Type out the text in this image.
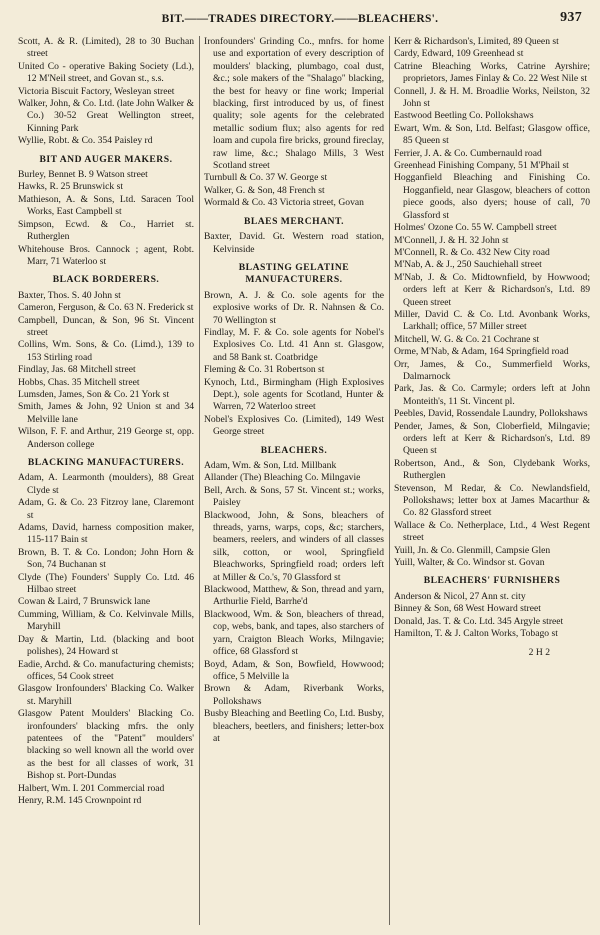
BIT.——TRADES DIRECTORY.——BLEACHERS'.	937

Scott, A. & R. (Limited), 28 to 30 Buchan street

United Co - operative Baking Society (Ld.), 12 M'Neil street, and Govan st., s.s.

Victoria Biscuit Factory, Wesleyan street

Walker, John, & Co. Ltd. (late John Walker & Co.) 30-52 Great Wellington street, Kinning Park

Wyllie, Robt. & Co. 354 Paisley rd

BIT AND AUGER MAKERS.

Burley, Bennet B. 9 Watson street

Hawks, R. 25 Brunswick st

Mathieson, A. & Sons, Ltd. Saracen Tool Works, East Campbell st

Simpson, Ecwd. & Co., Harriet st. Rutherglen

Whitehouse Bros. Cannock ; agent, Robt. Marr, 71 Waterloo st

BLACK BORDERERS.

Baxter, Thos. S. 40 John st

Cameron, Ferguson, & Co. 63 N. Frederick st

Campbell, Duncan, & Son, 96 St. Vincent street

Collins, Wm. Sons, & Co. (Limd.), 139 to 153 Stirling road

Findlay, Jas. 68 Mitchell street

Hobbs, Chas. 35 Mitchell street

Lumsden, James, Son & Co. 21 York st

Smith, James & John, 92 Union st and 34 Melville lane

Wilson, F. F. and Arthur, 219 George st, opp. Anderson college

BLACKING MANUFACTURERS.

Adam, A. Learmonth (moulders), 88 Great Clyde st

Adam, G. & Co. 23 Fitzroy lane, Claremont st

Adams, David, harness composition maker, 115-117 Bain st

Brown, B. T. & Co. London; John Horn & Son, 74 Buchanan st

Clyde (The) Founders' Supply Co. Ltd. 46 Hilbao street

Cowan & Laird, 7 Brunswick lane

Cumming, William, & Co. Kelvinvale Mills, Maryhill

Day & Martin, Ltd. (blacking and boot polishes), 24 Howard st

Eadie, Archd. & Co. manufacturing chemists; offices, 54 Cook street

Glasgow Ironfounders' Blacking Co. Walker st. Maryhill

Glasgow Patent Moulders' Blacking Co. ironfounders' blacking mfrs. the only patentees of the "Patent" moulders' blacking so well known all the world over as the best for all classes of work, 31 Bishop st. Port-Dundas

Halbert, Wm. I. 201 Commercial road

Henry, R.M. 145 Crownpoint rd

Ironfounders' Grinding Co., mnfrs. for home use and exportation of every description of moulders' blacking, plumbago, coal dust, &c.; sole makers of the "Shalago" blacking, the best for heavy or fine work; Imperial blacking, first introduced by us, of finest quality; sole agents for the celebrated metallic sodium flux; also agents for red loam and cupola fire bricks, ground fireclay, raw lime, &c.; Shalago Mills, 3 West Scotland street

Turnbull & Co. 37 W. George st

Walker, G. & Son, 48 French st

Wormald & Co. 43 Victoria street, Govan

BLAES MERCHANT.

Baxter, David. Gt. Western road station, Kelvinside

BLASTING GELATINE MANUFACTURERS.

Brown, A. J. & Co. sole agents for the explosive works of Dr. R. Nahnsen & Co. 70 Wellington st

Findlay, M. F. & Co. sole agents for Nobel's Explosives Co. Ltd. 41 Ann st. Glasgow, and 58 Bank st. Coatbridge

Fleming & Co. 31 Robertson st

Kynoch, Ltd., Birmingham (High Explosives Dept.), sole agents for Scotland, Hunter & Warren, 72 Waterloo street

Nobel's Explosives Co. (Limited), 149 West George street

BLEACHERS.

Adam, Wm. & Son, Ltd. Millbank

Allander (The) Bleaching Co. Milngavie

Bell, Arch. & Sons, 57 St. Vincent st.; works, Paisley

Blackwood, John, & Sons, bleachers of threads, yarns, warps, cops, &c; starchers, beamers, reelers, and winders of all classes silk, cotton, or wool, Springfield Bleachworks, Springfield road; orders left at Miller & Co.'s, 70 Glassford st

Blackwood, Matthew, & Son, thread and yarn, Arthurlie Field, Barrhe'd

Blackwood, Wm. & Son, bleachers of thread, cop, webs, bank, and tapes, also starchers of yarn, Craigton Bleach Works, Milngavie; office, 68 Glassford st

Boyd, Adam, & Son, Bowfield, Howwood; office, 5 Melville la

Brown & Adam, Riverbank Works, Pollokshaws

Busby Bleaching and Beetling Co, Ltd. Busby, bleachers, beetlers, and finishers; letter-box at

Kerr & Richardson's, Limited, 89 Queen st

Cardy, Edward, 109 Greenhead st

Catrine Bleaching Works, Catrine Ayrshire; proprietors, James Finlay & Co. 22 West Nile st

Connell, J. & H. M. Broadlie Works, Neilston, 32 John st

Eastwood Beetling Co. Pollokshaws

Ewart, Wm. & Son, Ltd. Belfast; Glasgow office, 85 Queen st

Ferrier, J. A. & Co. Cumbernauld road

Greenhead Finishing Company, 51 M'Phail st

Hogganfield Bleaching and Finishing Co. Hogganfield, near Glasgow, bleachers of cotton piece goods, also dyers; house of call, 70 Glassford st

Holmes' Ozone Co. 55 W. Campbell street

M'Connell, J. & H. 32 John st

M'Connell, R. & Co. 432 New City road

M'Nab, A. & J., 250 Sauchiehall street

M'Nab, J. & Co. Midtownfield, by Howwood; orders left at Kerr & Richardson's, Ltd. 89 Queen street

Miller, David C. & Co. Ltd. Avonbank Works, Larkhall; office, 57 Miller street

Mitchell, W. G. & Co. 21 Cochrane st

Orme, M'Nab, & Adam, 164 Springfield road

Orr, James, & Co., Summerfield Works, Dalmarnock

Park, Jas. & Co. Carmyle; orders left at John Monteith's, 11 St. Vincent pl.

Peebles, David, Rossendale Laundry, Pollokshaws

Pender, James, & Son, Cloberfield, Milngavie; orders left at Kerr & Richardson's, Ltd. 89 Queen st

Robertson, And., & Son, Clydebank Works, Rutherglen

Stevenson, M Redar, & Co. Newlandsfield, Pollokshaws; letter box at James Macarthur & Co. 82 Glassford street

Wallace & Co. Netherplace, Ltd., 4 West Regent street

Yuill, Jn. & Co. Glenmill, Campsie Glen

Yuill, Walter, & Co. Windsor st. Govan

BLEACHERS' FURNISHERS

Anderson & Nicol, 27 Ann st. city

Binney & Son, 68 West Howard street

Donald, Jas. T. & Co. Ltd. 345 Argyle street

Hamilton, T. & J. Calton Works, Tobago st

2 H 2
